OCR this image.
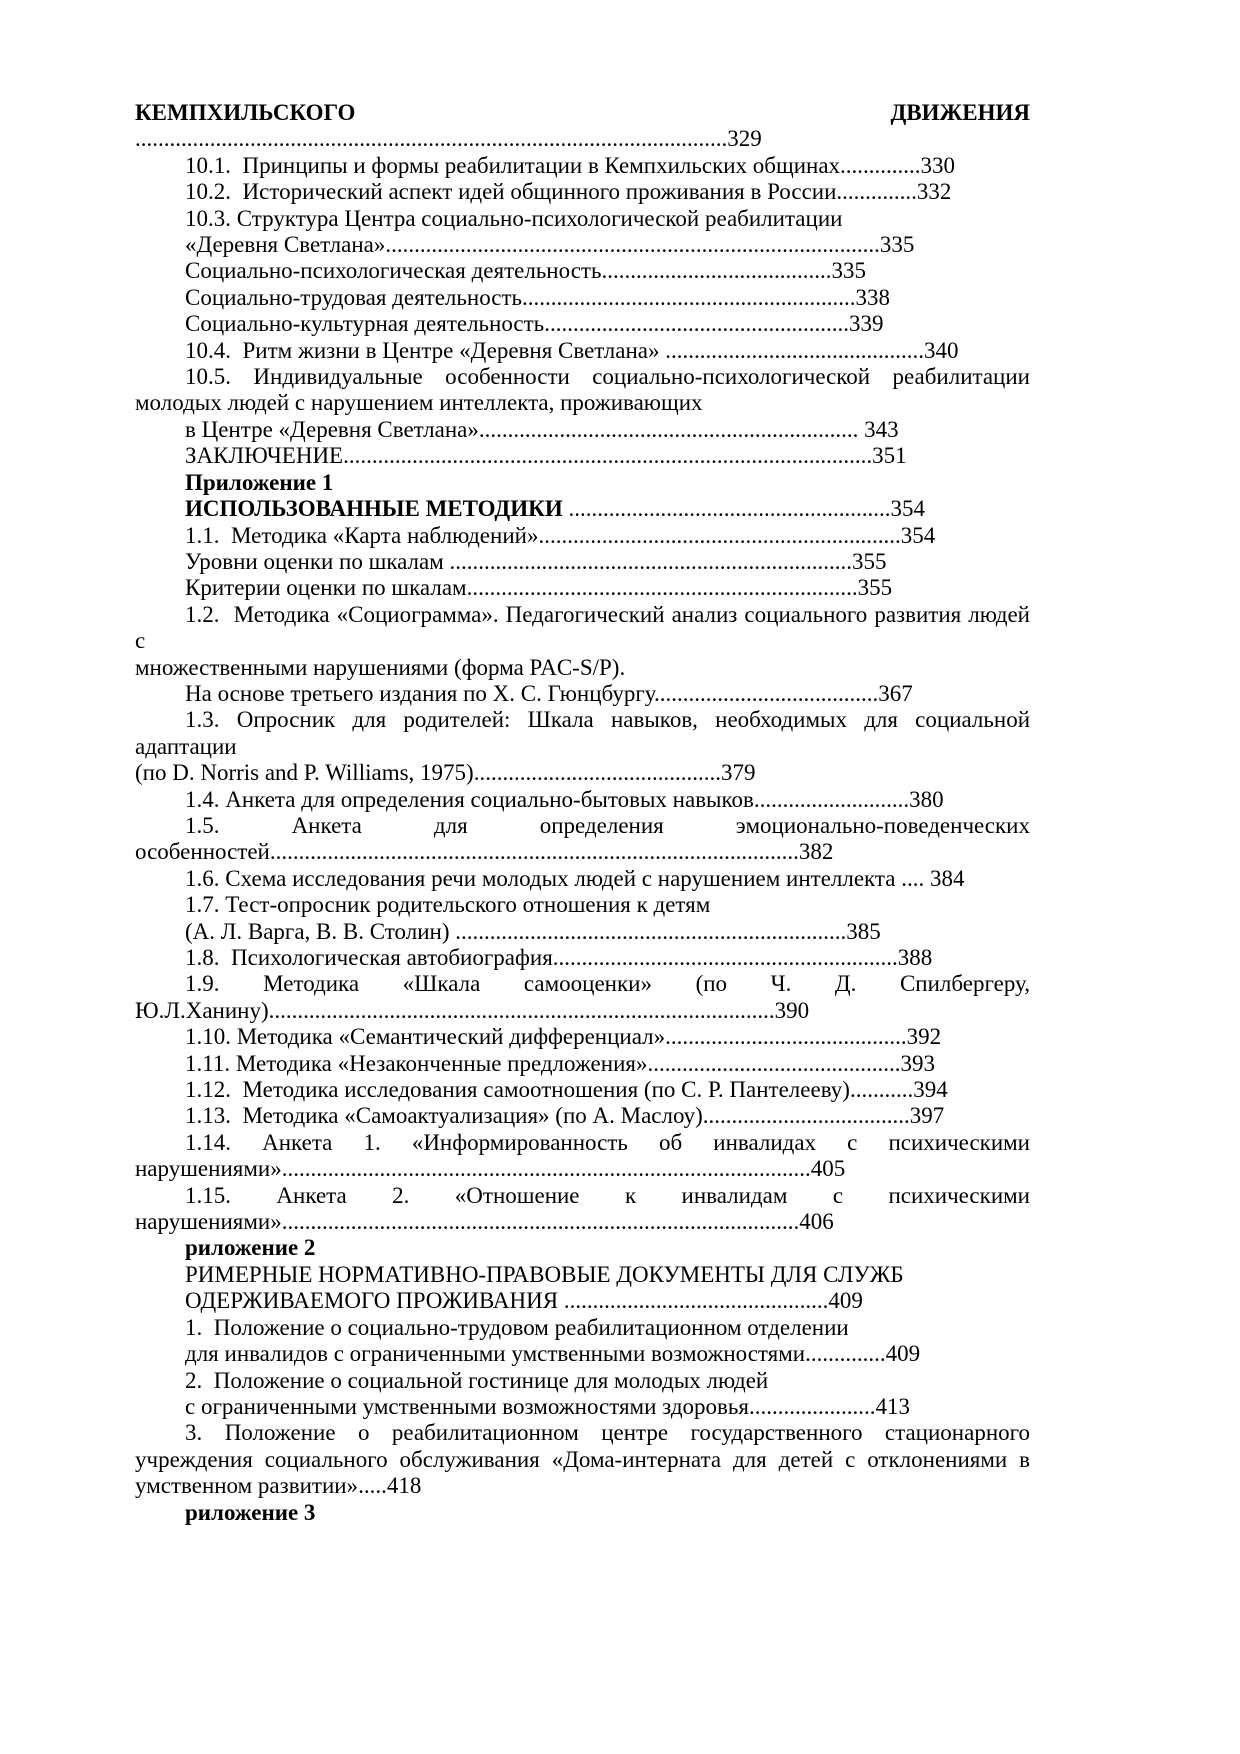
КЕМПХИЛЬСКОГО ДВИЖЕНИЯ
.......................................................................................................329
10.1.  Принципы и формы реабилитации в Кемпхильских общинах..............330
10.2.  Исторический аспект идей общинного проживания в России..............332
10.3. Структура Центра социально-психологической реабилитации
«Деревня Светлана»......................................................................................335
Социально-психологическая деятельность........................................335
Социально-трудовая деятельность..........................................................338
Социально-культурная деятельность.....................................................339
10.4.  Ритм жизни в Центре «Деревня Светлана» .............................................340
10.5. Индивидуальные особенности социально-психологической реабилитации
молодых людей с нарушением интеллекта, проживающих
в Центре «Деревня Светлана».................................................................. 343
ЗАКЛЮЧЕНИЕ............................................................................................351
Приложение 1
ИСПОЛЬЗОВАННЫЕ МЕТОДИКИ ........................................................354
1.1.  Методика «Карта наблюдений»...............................................................354
Уровни оценки по шкалам ......................................................................355
Критерии оценки по шкалам....................................................................355
1.2.  Методика «Социограмма». Педагогический анализ социального развития людей с
множественными нарушениями (форма PAC-S/P).
На основе третьего издания по Х. С. Гюнцбургу.......................................367
1.3. Опросник для родителей: Шкала навыков, необходимых для социальной адаптации
(по D. Norris and P. Williams, 1975)...........................................379
1.4. Анкета для определения социально-бытовых навыков...........................380
1.5. Анкета для определения эмоционально-поведенческих
особенностей............................................................................................382
1.6. Схема исследования речи молодых людей с нарушением интеллекта .... 384
1.7. Тест-опросник родительского отношения к детям
(А. Л. Варга, В. В. Столин) ....................................................................385
1.8.  Психологическая автобиография............................................................388
1.9. Методика «Шкала самооценки» (по Ч. Д. Спилбергеру,
Ю.Л.Ханину)........................................................................................390
1.10. Методика «Семантический дифференциал»..........................................392
1.11. Методика «Незаконченные предложения»............................................393
1.12.  Методика исследования самоотношения (по С. Р. Пантелееву)...........394
1.13.  Методика «Самоактуализация» (по А. Маслоу)....................................397
1.14. Анкета 1. «Информированность об инвалидах с психическими
нарушениями»............................................................................................405
1.15. Анкета 2. «Отношение к инвалидам с психическими
нарушениями»..........................................................................................406
риложение 2
РИМЕРНЫЕ НОРМАТИВНО-ПРАВОВЫЕ ДОКУМЕНТЫ ДЛЯ СЛУЖБ
ОДЕРЖИВАЕМОГО ПРОЖИВАНИЯ ..............................................409
1.  Положение о социально-трудовом реабилитационном отделении
для инвалидов с ограниченными умственными возможностями..............409
2.  Положение о социальной гостинице для молодых людей
с ограниченными умственными возможностями здоровья......................413
3. Положение о реабилитационном центре государственного стационарного
учреждения социального обслуживания «Дома-интерната для детей с отклонениями в
умственном развитии».....418
риложение 3
